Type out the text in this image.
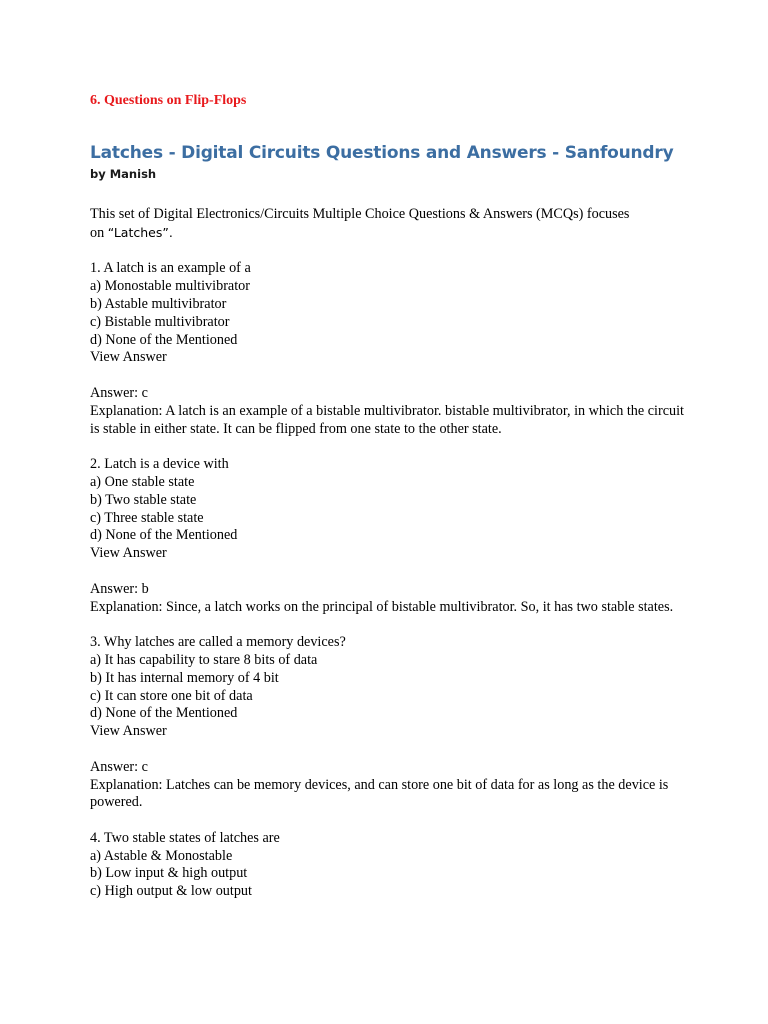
6. Questions on Flip-Flops
Latches - Digital Circuits Questions and Answers - Sanfoundry
by Manish
This set of Digital Electronics/Circuits Multiple Choice Questions & Answers (MCQs) focuses
on “Latches”.
1. A latch is an example of a
a) Monostable multivibrator
b) Astable multivibrator
c) Bistable multivibrator
d) None of the Mentioned
View Answer
Answer: c
Explanation: A latch is an example of a bistable multivibrator. bistable multivibrator, in which the circuit is stable in either state. It can be flipped from one state to the other state.
2. Latch is a device with
a) One stable state
b) Two stable state
c) Three stable state
d) None of the Mentioned
View Answer
Answer: b
Explanation: Since, a latch works on the principal of bistable multivibrator. So, it has two stable states.
3. Why latches are called a memory devices?
a) It has capability to stare 8 bits of data
b) It has internal memory of 4 bit
c) It can store one bit of data
d) None of the Mentioned
View Answer
Answer: c
Explanation: Latches can be memory devices, and can store one bit of data for as long as the device is powered.
4. Two stable states of latches are
a) Astable & Monostable
b) Low input & high output
c) High output & low output
